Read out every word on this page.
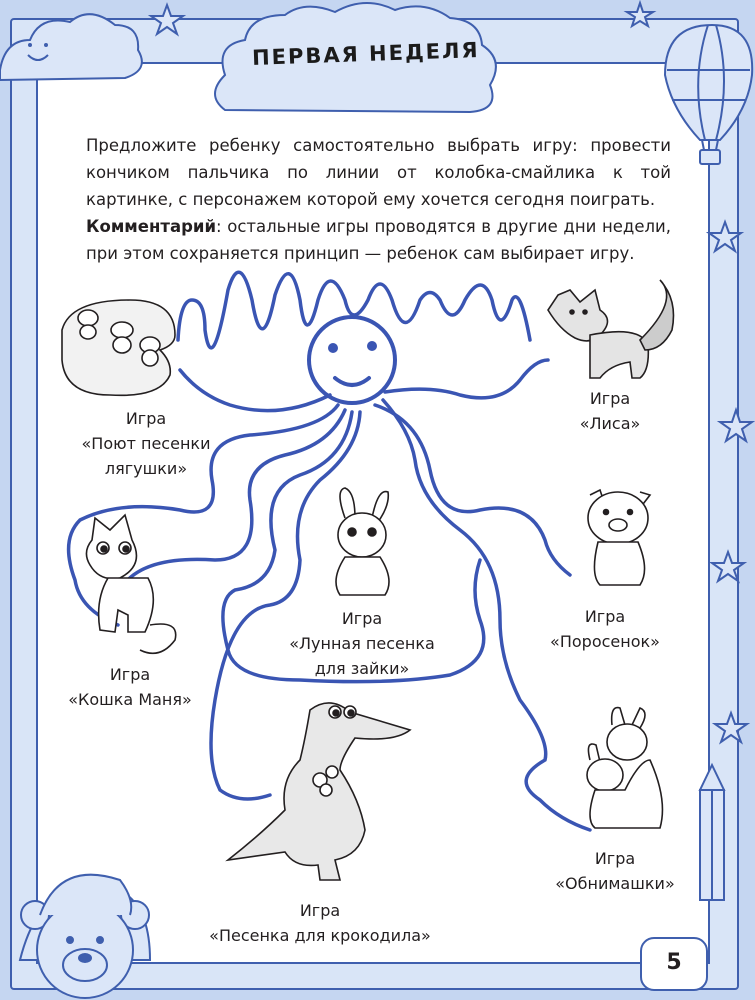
ПЕРВАЯ НЕДЕЛЯ

Предложите ребенку самостоятельно выбрать игру: провести кончиком пальчика по линии от колобка-смайлика к той картинке, с персонажем которой ему хочется сегодня поиграть.

Комментарий: остальные игры проводятся в другие дни недели, при этом сохраняется принцип — ребенок сам выбирает игру.

Игра
«Поют песенки
лягушки»
Игра
«Лиса»
Игра
«Кошка Маня»
Игра
«Лунная песенка
для зайки»
Игра
«Поросенок»
Игра
«Обнимашки»
Игра
«Песенка для крокодила»
5
